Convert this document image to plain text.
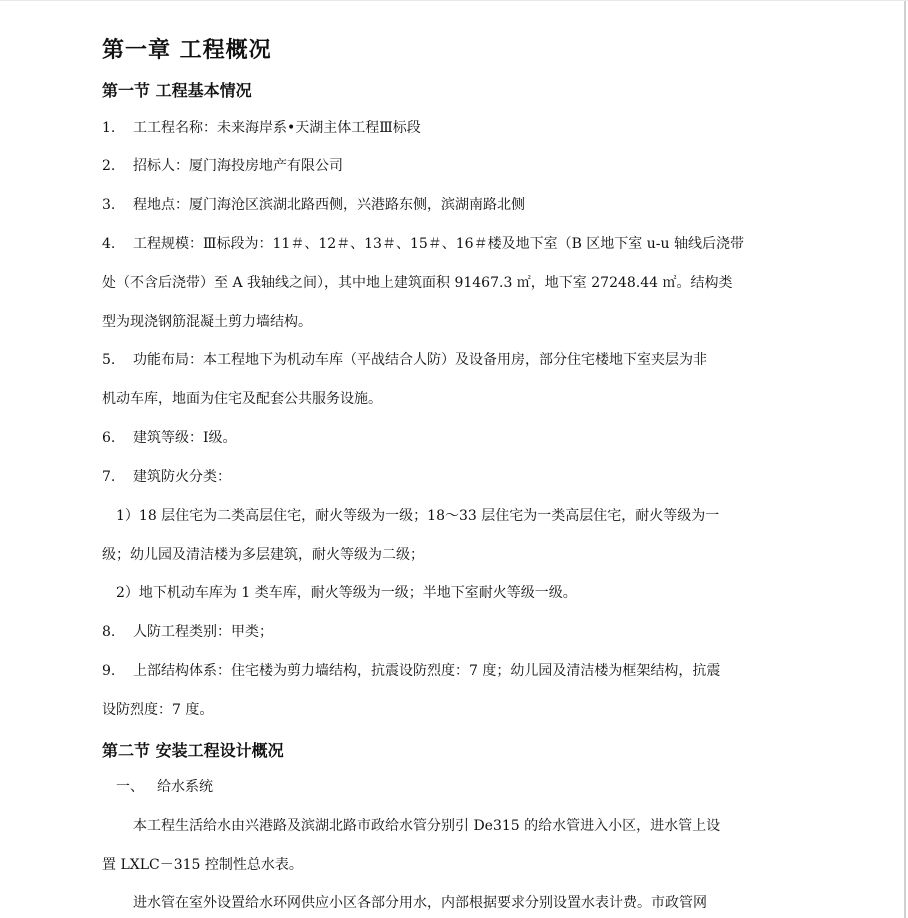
第一章 工程概况
第一节 工程基本情况
1. 工工程名称：未来海岸系•天湖主体工程Ⅲ标段
2. 招标人：厦门海投房地产有限公司
3. 程地点：厦门海沧区滨湖北路西侧，兴港路东侧，滨湖南路北侧
4. 工程规模：Ⅲ标段为：11＃、12＃、13＃、15＃、16＃楼及地下室（B 区地下室 u-u 轴线后浇带
处（不含后浇带）至 A 我轴线之间），其中地上建筑面积 91467.3 ㎡，地下室 27248.44 ㎡。结构类
型为现浇钢筋混凝土剪力墙结构。
5. 功能布局：本工程地下为机动车库（平战结合人防）及设备用房，部分住宅楼地下室夹层为非
机动车库，地面为住宅及配套公共服务设施。
6. 建筑等级：Ⅰ级。
7. 建筑防火分类：
1）18 层住宅为二类高层住宅，耐火等级为一级；18～33 层住宅为一类高层住宅，耐火等级为一
级；幼儿园及清洁楼为多层建筑，耐火等级为二级；
2）地下机动车库为 1 类车库，耐火等级为一级；半地下室耐火等级一级。
8. 人防工程类别：甲类；
9. 上部结构体系：住宅楼为剪力墙结构，抗震设防烈度：7 度；幼儿园及清洁楼为框架结构，抗震
设防烈度：7 度。
第二节 安装工程设计概况
一、 给水系统
本工程生活给水由兴港路及滨湖北路市政给水管分别引 De315 的给水管进入小区，进水管上设
置 LXLC－315 控制性总水表。
进水管在室外设置给水环网供应小区各部分用水，内部根据要求分别设置水表计费。市政管网
